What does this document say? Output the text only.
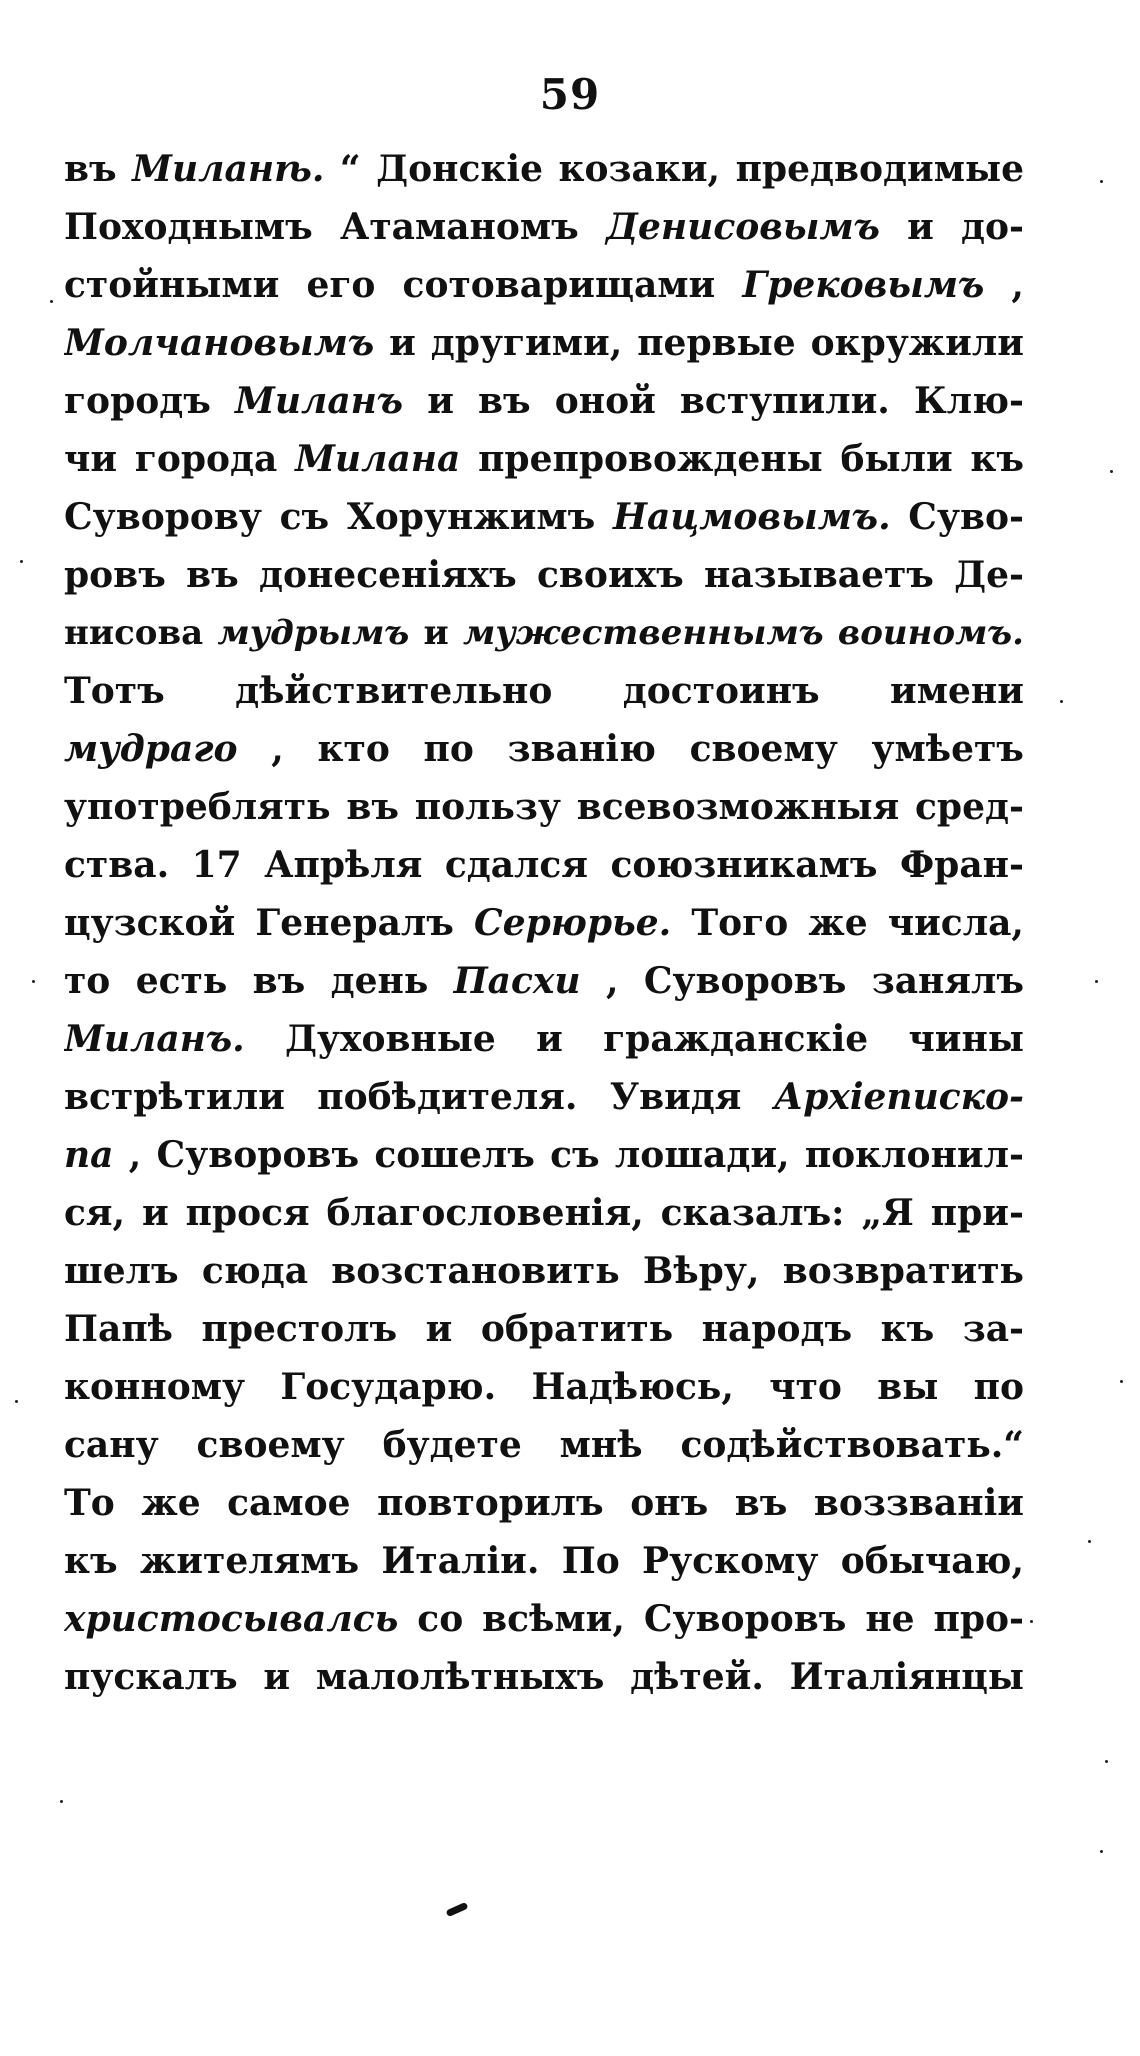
59
въ Миланѣ. “ Донскіе козаки, предводимые
Походнымъ Атаманомъ Денисовымъ и до-
стойными его сотоварищами Грековымъ ,
Молчановымъ и другими, первые окружили
городъ Миланъ и въ оной вступили. Клю-
чи города Милана препровождены были къ
Суворову съ Хорунжимъ Нацмовымъ. Суво-
ровъ въ донесеніяхъ своихъ называетъ Де-
нисова мудрымъ и мужественнымъ воиномъ.
Тотъ дѣйствительно достоинъ имени
мудраго , кто по званію своему умѣетъ
употреблять въ пользу всевозможныя сред-
ства. 17 Апрѣля сдался союзникамъ Фран-
цузской Генералъ Серюрье. Того же числа,
то есть въ день Пасхи , Суворовъ занялъ
Миланъ. Духовные и гражданскіе чины
встрѣтили побѣдителя. Увидя Архіеписко-
па , Суворовъ сошелъ съ лошади, поклонил-
ся, и прося благословенія, сказалъ: „Я при-
шелъ сюда возстановить Вѣру, возвратить
Папѣ престолъ и обратить народъ къ за-
конному Государю. Надѣюсь, что вы по
сану своему будете мнѣ содѣйствовать.“
То же самое повторилъ онъ въ воззваніи
къ жителямъ Италіи. По Рускому обычаю,
христосывалсь со всѣми, Суворовъ не про-
пускалъ и малолѣтныхъ дѣтей. Италіянцы
